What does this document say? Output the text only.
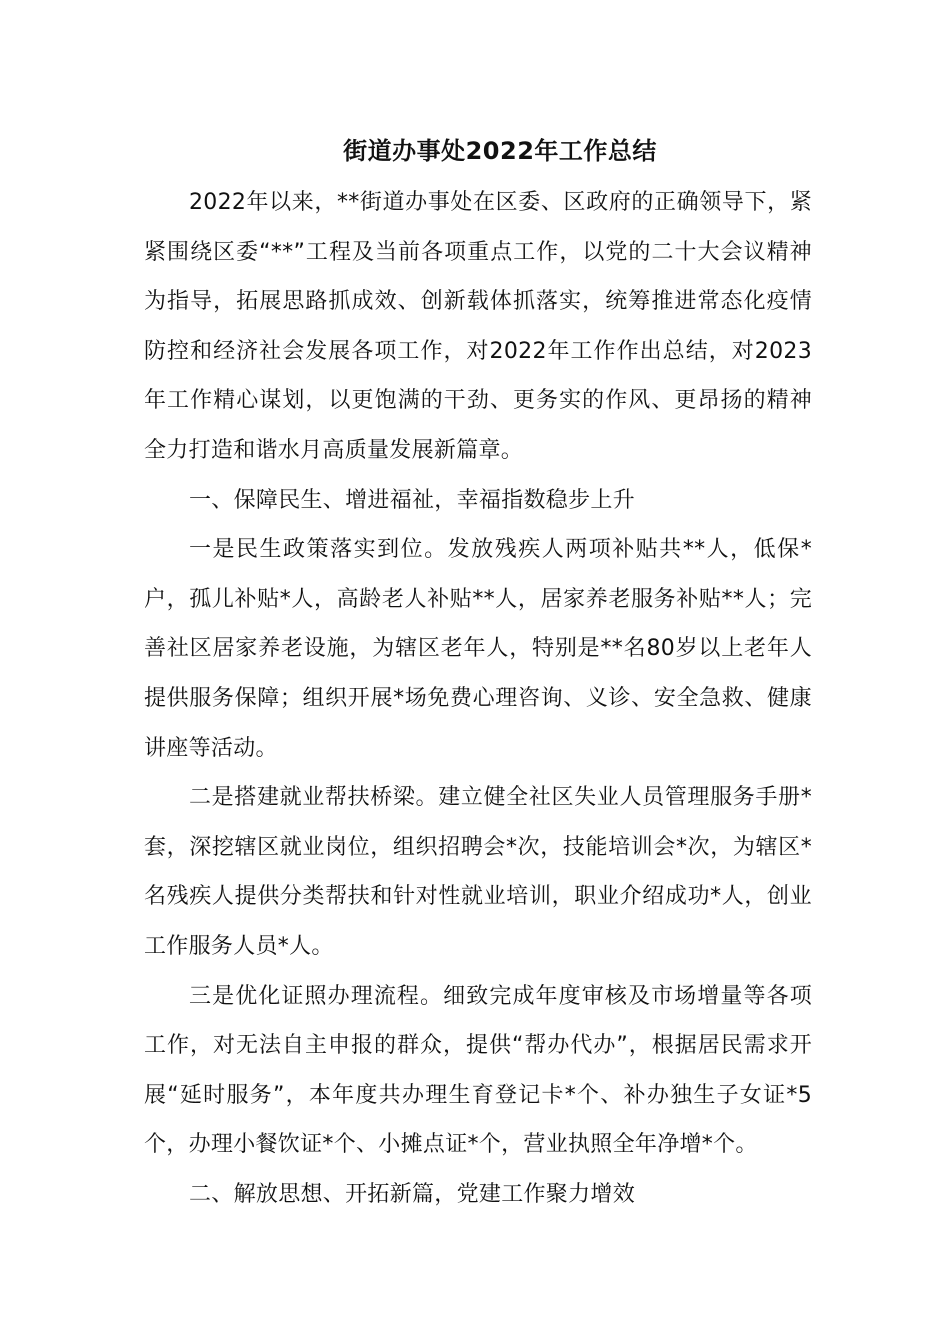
街道办事处2022年工作总结

2022年以来，**街道办事处在区委、区政府的正确领导下，紧紧围绕区委“**”工程及当前各项重点工作，以党的二十大会议精神为指导，拓展思路抓成效、创新载体抓落实，统筹推进常态化疫情防控和经济社会发展各项工作，对2022年工作作出总结，对2023年工作精心谋划，以更饱满的干劲、更务实的作风、更昂扬的精神全力打造和谐水月高质量发展新篇章。

一、保障民生、增进福祉，幸福指数稳步上升

一是民生政策落实到位。发放残疾人两项补贴共**人，低保*户，孤儿补贴*人，高龄老人补贴**人，居家养老服务补贴**人；完善社区居家养老设施，为辖区老年人，特别是**名80岁以上老年人提供服务保障；组织开展*场免费心理咨询、义诊、安全急救、健康讲座等活动。

二是搭建就业帮扶桥梁。建立健全社区失业人员管理服务手册*套，深挖辖区就业岗位，组织招聘会*次，技能培训会*次，为辖区*名残疾人提供分类帮扶和针对性就业培训，职业介绍成功*人，创业工作服务人员*人。

三是优化证照办理流程。细致完成年度审核及市场增量等各项工作，对无法自主申报的群众，提供“帮办代办”，根据居民需求开展“延时服务”，本年度共办理生育登记卡*个、补办独生子女证*5个，办理小餐饮证*个、小摊点证*个，营业执照全年净增*个。

二、解放思想、开拓新篇，党建工作聚力增效
